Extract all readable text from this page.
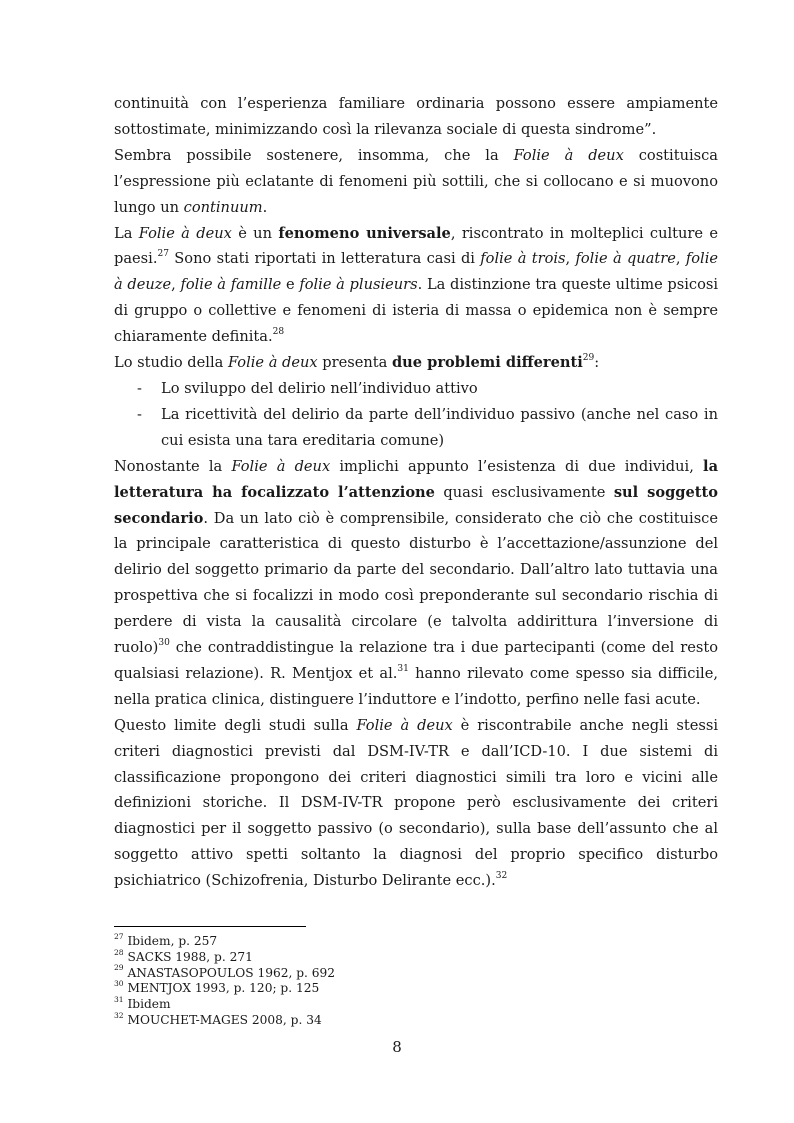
continuità con l’esperienza familiare ordinaria possono essere ampiamente sottostimate, minimizzando così la rilevanza sociale di questa sindrome”.

Sembra possibile sostenere, insomma, che la Folie à deux costituisca l’espressione più eclatante di fenomeni più sottili, che si collocano e si muovono lungo un continuum.

La Folie à deux è un fenomeno universale, riscontrato in molteplici culture e paesi.$^{27}$ Sono stati riportati in letteratura casi di folie à trois, folie à quatre, folie à deuze, folie à famille e folie à plusieurs. La distinzione tra queste ultime psicosi di gruppo o collettive e fenomeni di isteria di massa o epidemica non è sempre chiaramente definita.$^{28}$

Lo studio della Folie à deux presenta due problemi differenti$^{29}$:

- Lo sviluppo del delirio nell’individuo attivo
- La ricettività del delirio da parte dell’individuo passivo (anche nel caso in cui esista una tara ereditaria comune)

Nonostante la Folie à deux implichi appunto l’esistenza di due individui, la letteratura ha focalizzato l’attenzione quasi esclusivamente sul soggetto secondario. Da un lato ciò è comprensibile, considerato che ciò che costituisce la principale caratteristica di questo disturbo è l’accettazione/assunzione del delirio del soggetto primario da parte del secondario. Dall’altro lato tuttavia una prospettiva che si focalizzi in modo così preponderante sul secondario rischia di perdere di vista la causalità circolare (e talvolta addirittura l’inversione di ruolo)$^{30}$ che contraddistingue la relazione tra i due partecipanti (come del resto qualsiasi relazione). R. Mentjox et al.$^{31}$ hanno rilevato come spesso sia difficile, nella pratica clinica, distinguere l’induttore e l’indotto, perfino nelle fasi acute.

Questo limite degli studi sulla Folie à deux è riscontrabile anche negli stessi criteri diagnostici previsti dal DSM-IV-TR e dall’ICD-10. I due sistemi di classificazione propongono dei criteri diagnostici simili tra loro e vicini alle definizioni storiche. Il DSM-IV-TR propone però esclusivamente dei criteri diagnostici per il soggetto passivo (o secondario), sulla base dell’assunto che al soggetto attivo spetti soltanto la diagnosi del proprio specifico disturbo psichiatrico (Schizofrenia, Disturbo Delirante ecc.).$^{32}$

$^{27}$ Ibidem, p. 257
$^{28}$ SACKS 1988, p. 271
$^{29}$ ANASTASOPOULOS 1962, p. 692
$^{30}$ MENTJOX 1993, p. 120; p. 125
$^{31}$ Ibidem
$^{32}$ MOUCHET-MAGES 2008, p. 34
8
